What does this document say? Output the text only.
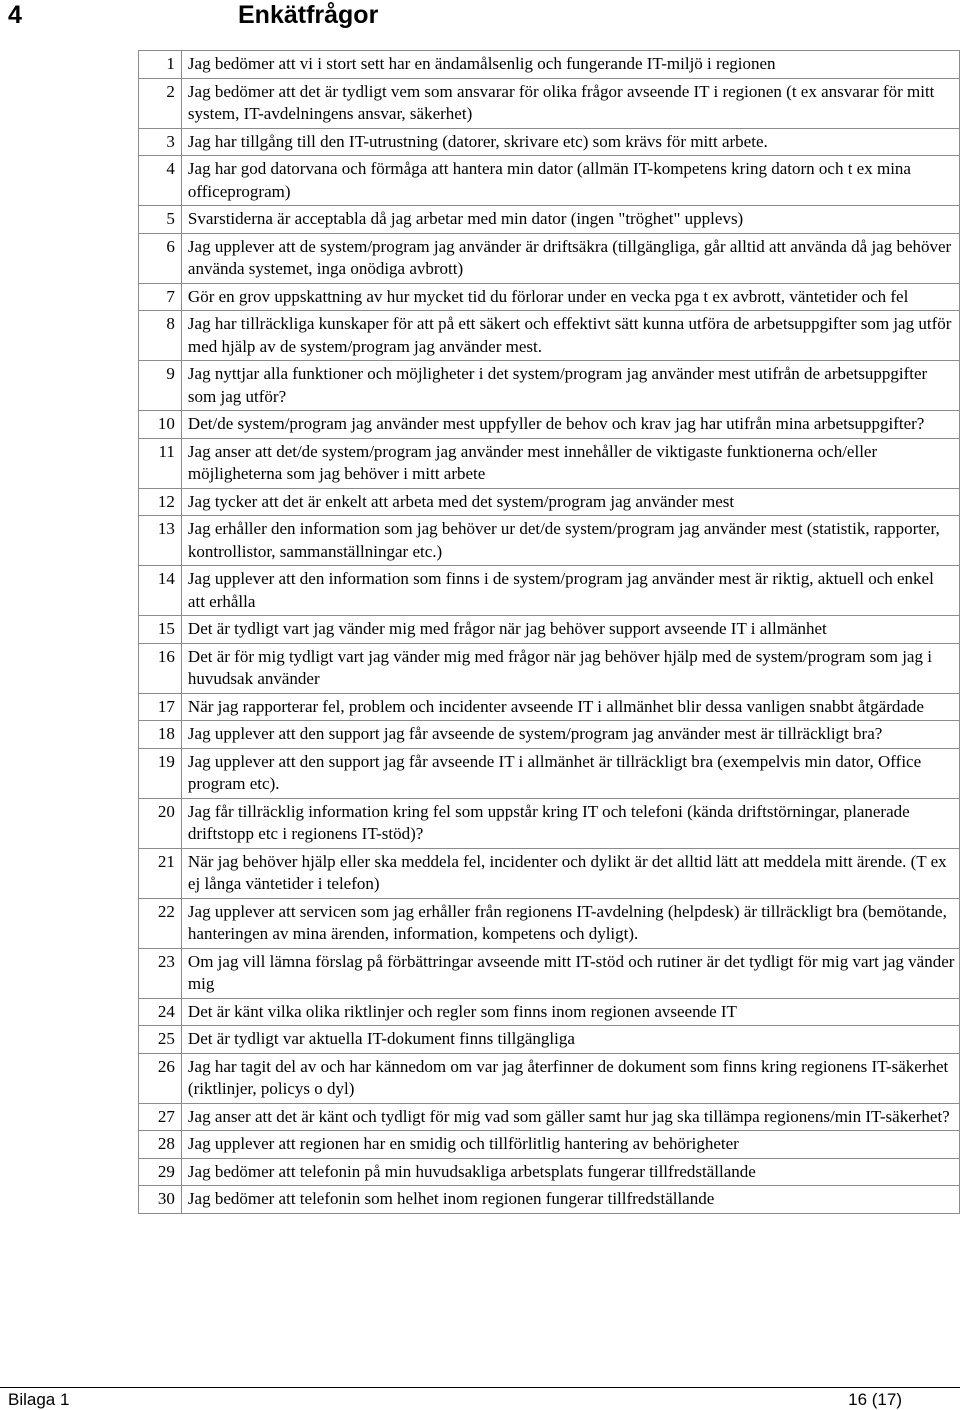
4	Enkätfrågor
1	Jag bedömer att vi i stort sett har en ändamålsenlig och fungerande IT-miljö i regionen
2	Jag bedömer att det är tydligt vem som ansvarar för olika frågor avseende IT i regionen (t ex ansvarar för mitt system, IT-avdelningens ansvar, säkerhet)
3	Jag har tillgång till den IT-utrustning (datorer, skrivare etc) som krävs för mitt arbete.
4	Jag har god datorvana och förmåga att hantera min dator (allmän IT-kompetens kring datorn och t ex mina officeprogram)
5	Svarstiderna är acceptabla då jag arbetar med min dator (ingen "tröghet" upplevs)
6	Jag upplever att de system/program jag använder är driftsäkra (tillgängliga, går alltid att använda då jag behöver använda systemet, inga onödiga avbrott)
7	Gör en grov uppskattning av hur mycket tid du förlorar under en vecka pga t ex avbrott, väntetider och fel
8	Jag har tillräckliga kunskaper för att på ett säkert och effektivt sätt kunna utföra de arbetsuppgifter som jag utför med hjälp av de system/program jag använder mest.
9	Jag nyttjar alla funktioner och möjligheter i det system/program jag använder mest utifrån de arbetsuppgifter som jag utför?
10	Det/de system/program jag använder mest uppfyller de behov och krav jag har utifrån mina arbetsuppgifter?
11	Jag anser att det/de system/program jag använder mest innehåller de viktigaste funktionerna och/eller möjligheterna som jag behöver i mitt arbete
12	Jag tycker att det är enkelt att arbeta med det system/program jag använder mest
13	Jag erhåller den information som jag behöver ur det/de system/program jag använder mest (statistik, rapporter, kontrollistor, sammanställningar etc.)
14	Jag upplever att den information som finns i de system/program jag använder mest är riktig, aktuell och enkel att erhålla
15	Det är tydligt vart jag vänder mig med frågor när jag behöver support avseende IT i allmänhet
16	Det är för mig tydligt vart jag vänder mig med frågor när jag behöver hjälp med de system/program som jag i huvudsak använder
17	När jag rapporterar fel, problem och incidenter avseende IT i allmänhet blir dessa vanligen snabbt åtgärdade
18	Jag upplever att den support jag får avseende de system/program jag använder mest är tillräckligt bra?
19	Jag upplever att den support jag får avseende IT i allmänhet är tillräckligt bra (exempelvis min dator, Office program etc).
20	Jag får tillräcklig information kring fel som uppstår kring IT och telefoni (kända driftstörningar, planerade driftstopp etc i regionens IT-stöd)?
21	När jag behöver hjälp eller ska meddela fel, incidenter och dylikt är det alltid lätt att meddela mitt ärende. (T ex ej långa väntetider i telefon)
22	Jag upplever att servicen som jag erhåller från regionens IT-avdelning (helpdesk) är tillräckligt bra (bemötande, hanteringen av mina ärenden, information, kompetens och dyligt).
23	Om jag vill lämna förslag på förbättringar avseende mitt IT-stöd och rutiner är det tydligt för mig vart jag vänder mig
24	Det är känt vilka olika riktlinjer och regler som finns inom regionen avseende IT
25	Det är tydligt var aktuella IT-dokument finns tillgängliga
26	Jag har tagit del av och har kännedom om var jag återfinner de dokument som finns kring regionens IT-säkerhet (riktlinjer, policys o dyl)
27	Jag anser att det är känt och tydligt för mig vad som gäller samt hur jag ska tillämpa regionens/min IT-säkerhet?
28	Jag upplever att regionen har en smidig och tillförlitlig hantering av behörigheter
29	Jag bedömer att telefonin på min huvudsakliga arbetsplats fungerar tillfredställande
30	Jag bedömer att telefonin som helhet inom regionen fungerar tillfredställande
Bilaga 1	16 (17)
